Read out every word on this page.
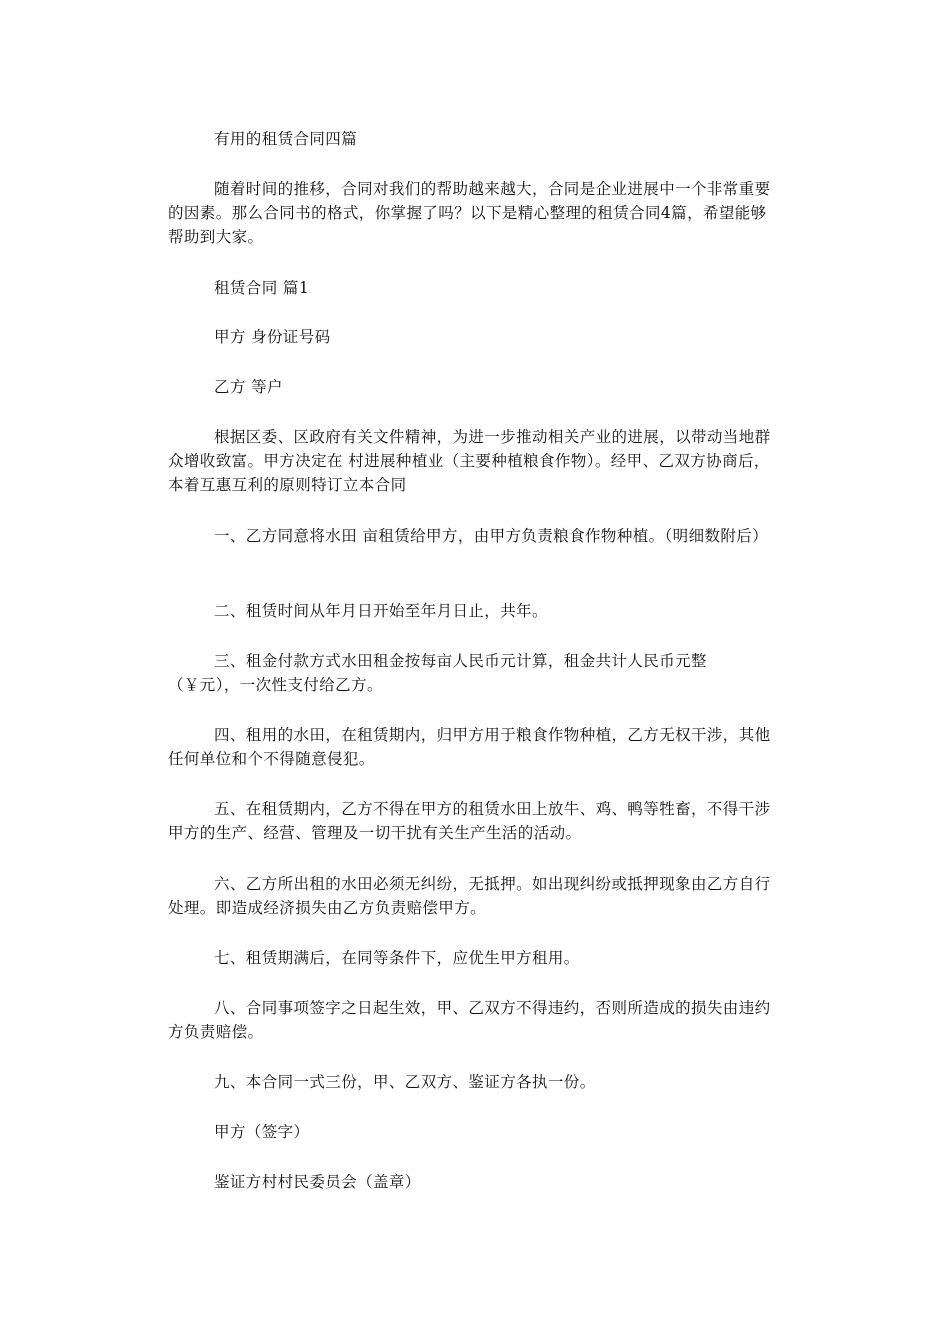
有用的租赁合同四篇

随着时间的推移，合同对我们的帮助越来越大，合同是企业进展中一个非常重要的因素。那么合同书的格式，你掌握了吗？以下是精心整理的租赁合同4篇，希望能够帮助到大家。

租赁合同 篇1

甲方 身份证号码

乙方 等户

根据区委、区政府有关文件精神，为进一步推动相关产业的进展，以带动当地群众增收致富。甲方决定在 村进展种植业（主要种植粮食作物）。经甲、乙双方协商后，本着互惠互利的原则特订立本合同

一、乙方同意将水田 亩租赁给甲方，由甲方负责粮食作物种植。（明细数附后）

二、租赁时间从年月日开始至年月日止，共年。

三、租金付款方式水田租金按每亩人民币元计算，租金共计人民币元整（￥元），一次性支付给乙方。

四、租用的水田，在租赁期内，归甲方用于粮食作物种植，乙方无权干涉，其他任何单位和个不得随意侵犯。

五、在租赁期内，乙方不得在甲方的租赁水田上放牛、鸡、鸭等牲畜，不得干涉甲方的生产、经营、管理及一切干扰有关生产生活的活动。

六、乙方所出租的水田必须无纠纷，无抵押。如出现纠纷或抵押现象由乙方自行处理。即造成经济损失由乙方负责赔偿甲方。

七、租赁期满后，在同等条件下，应优生甲方租用。

八、合同事项签字之日起生效，甲、乙双方不得违约，否则所造成的损失由违约方负责赔偿。

九、本合同一式三份，甲、乙双方、鉴证方各执一份。

甲方（签字）

鉴证方村村民委员会（盖章）
